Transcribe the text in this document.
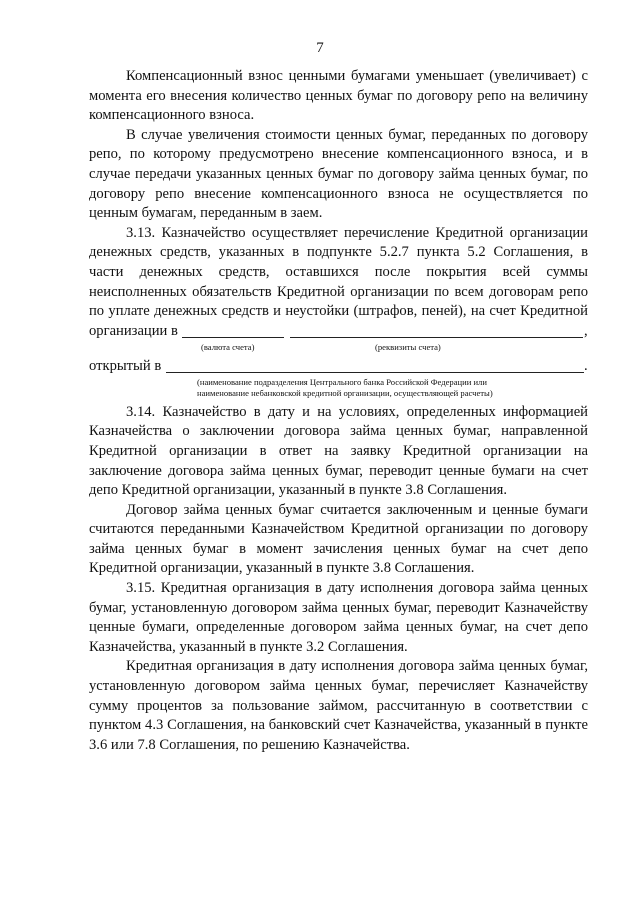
7

Компенсационный взнос ценными бумагами уменьшает (увеличивает) с момента его внесения количество ценных бумаг по договору репо на величину компенсационного взноса.

В случае увеличения стоимости ценных бумаг, переданных по договору репо, по которому предусмотрено внесение компенсационного взноса, и в случае передачи указанных ценных бумаг по договору займа ценных бумаг, по договору репо внесение компенсационного взноса не осуществляется по ценным бумагам, переданным в заем.

3.13. Казначейство осуществляет перечисление Кредитной организации денежных средств, указанных в подпункте 5.2.7 пункта 5.2 Соглашения, в части денежных средств, оставшихся после покрытия всей суммы неисполненных обязательств Кредитной организации по всем договорам репо по уплате денежных средств и неустойки (штрафов, пеней), на счет Кредитной

организации в	,
(валюта счета)	(реквизиты счета)
открытый в	.

(наименование подразделения Центрального банка Российской Федерации или

наименование небанковской кредитной организации, осуществляющей расчеты)

3.14. Казначейство в дату и на условиях, определенных информацией Казначейства о заключении договора займа ценных бумаг, направленной Кредитной организации в ответ на заявку Кредитной организации на заключение договора займа ценных бумаг, переводит ценные бумаги на счет депо Кредитной организации, указанный в пункте 3.8 Соглашения.

Договор займа ценных бумаг считается заключенным и ценные бумаги считаются переданными Казначейством Кредитной организации по договору займа ценных бумаг в момент зачисления ценных бумаг на счет депо Кредитной организации, указанный в пункте 3.8 Соглашения.

3.15. Кредитная организация в дату исполнения договора займа ценных бумаг, установленную договором займа ценных бумаг, переводит Казначейству ценные бумаги, определенные договором займа ценных бумаг, на счет депо Казначейства, указанный в пункте 3.2 Соглашения.

Кредитная организация в дату исполнения договора займа ценных бумаг, установленную договором займа ценных бумаг, перечисляет Казначейству сумму процентов за пользование займом, рассчитанную в соответствии с пунктом 4.3 Соглашения, на банковский счет Казначейства, указанный в пункте 3.6 или 7.8 Соглашения, по решению Казначейства.
